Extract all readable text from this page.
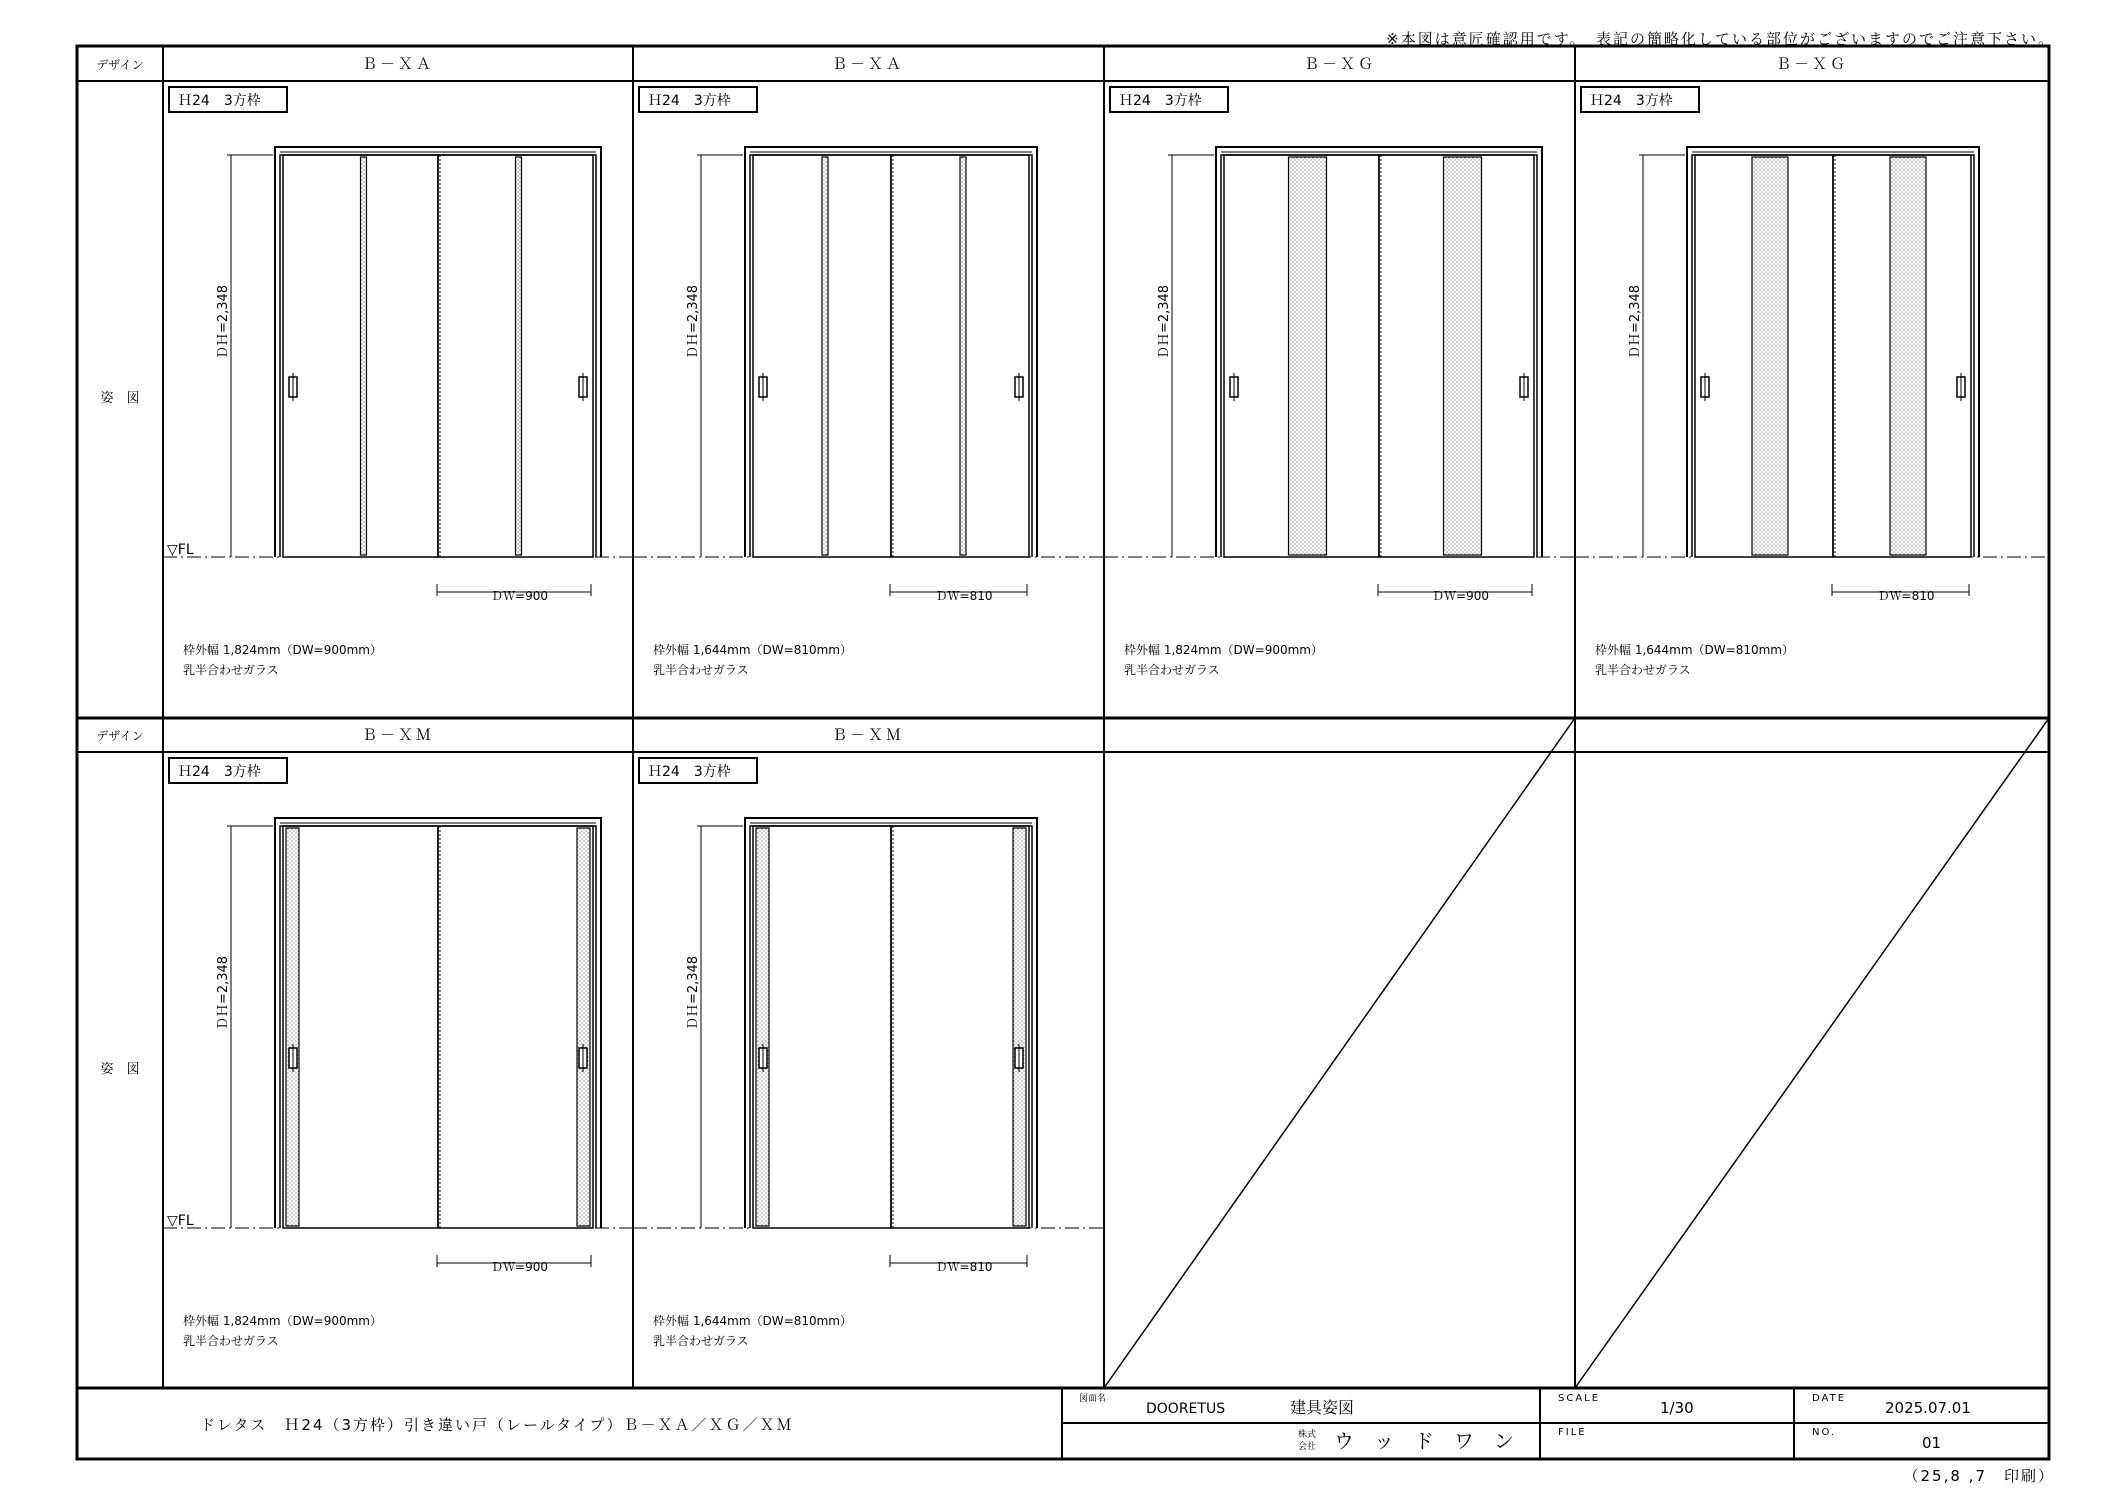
※本図は意匠確認用です。　表記の簡略化している部位がございますのでご注意下さい。
デザイン
姿　図
デザイン
姿　図
Ｂ－ＸＡ	Ｂ－ＸＡ	Ｂ－ＸＧ	Ｂ－ＸＧ
Ｂ－ＸＭ	Ｂ－ＸＭ
Ｈ24　3方枠
▽FL
ＤＨ=2,348
ＤＷ=900
枠外幅 1,824mm（DW=900mm）
乳半合わせガラス
Ｈ24　3方枠
ＤＨ=2,348
ＤＷ=810
枠外幅 1,644mm（DW=810mm）
乳半合わせガラス
Ｈ24　3方枠
ＤＨ=2,348
ＤＷ=900
枠外幅 1,824mm（DW=900mm）
乳半合わせガラス
Ｈ24　3方枠
ＤＨ=2,348
ＤＷ=810
枠外幅 1,644mm（DW=810mm）
乳半合わせガラス
Ｈ24　3方枠
▽FL
ＤＨ=2,348
ＤＷ=900
枠外幅 1,824mm（DW=900mm）
乳半合わせガラス
Ｈ24　3方枠
ＤＨ=2,348
ＤＷ=810
枠外幅 1,644mm（DW=810mm）
乳半合わせガラス
ドレタス　Ｈ24（3方枠）引き違い戸（レールタイプ）Ｂ－ＸＡ／ＸＧ／ＸＭ
図面名
DOORETUS	建具姿図
株式
会社 ウ　ッ　ド　ワ　ン
SCALE
1/30
FILE
DATE
2025.07.01
NO.
01
（25,8 ,7　印刷）
